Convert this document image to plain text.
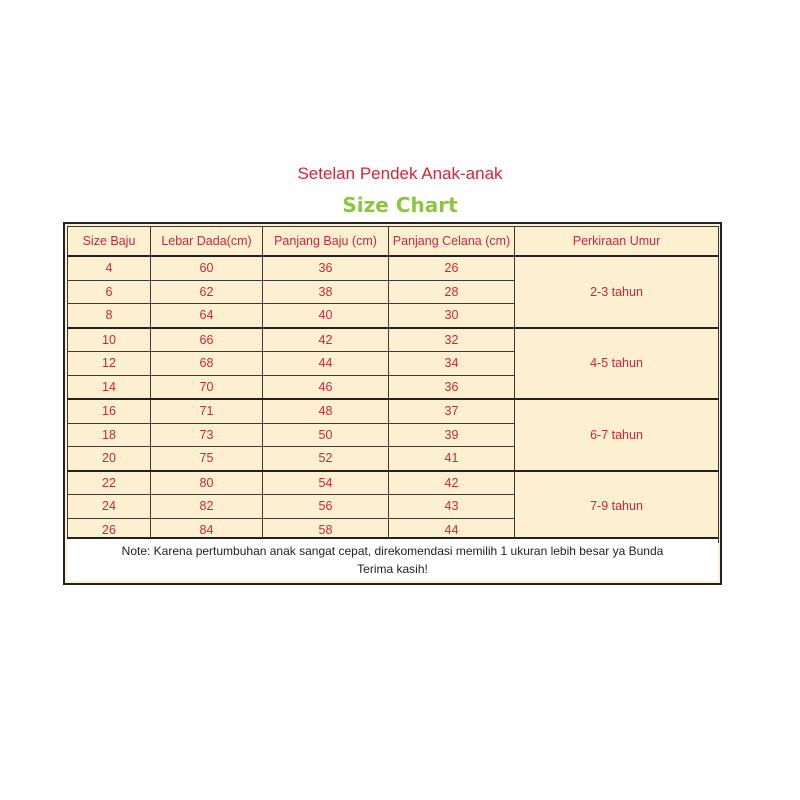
Setelan Pendek Anak-anak
Size Chart
Size Baju	Lebar Dada(cm)	Panjang Baju (cm)	Panjang Celana (cm)	Perkiraan Umur
4	60	36	26	2-3 tahun
6	62	38	28	
8	64	40	30	
10	66	42	32	4-5 tahun
12	68	44	34	
14	70	46	36	
16	71	48	37	6-7 tahun
18	73	50	39	
20	75	52	41	
22	80	54	42	7-9 tahun
24	82	56	43	
26	84	58	44	
Note: Karena pertumbuhan anak sangat cepat, direkomendasi memilih 1 ukuran lebih besar ya Bunda
Terima kasih!
